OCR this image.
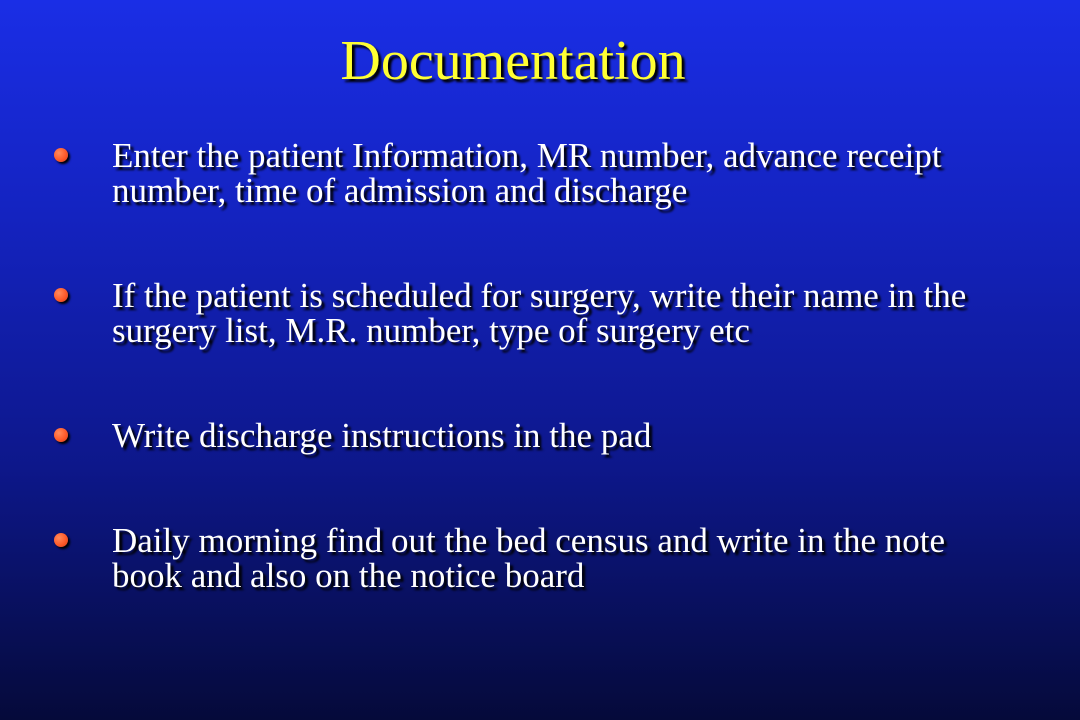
Documentation
Enter the patient Information, MR number, advance receipt number, time of admission and discharge
If the patient is scheduled for surgery, write their name in the surgery list, M.R. number, type of surgery etc
Write discharge instructions in the pad
Daily morning find out the bed census and write in the note book and also on the notice board
